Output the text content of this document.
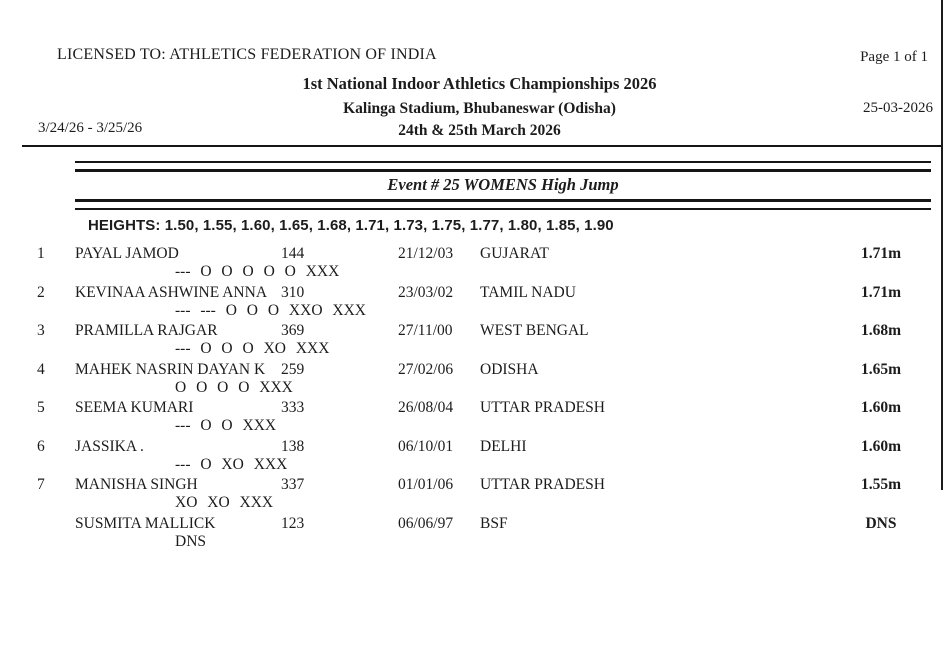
LICENSED TO: ATHLETICS FEDERATION OF INDIA	Page 1 of 1
1st National Indoor Athletics Championships 2026
Kalinga Stadium, Bhubaneswar (Odisha)	25-03-2026
3/24/26 - 3/25/26	24th & 25th March 2026
Event # 25 WOMENS High Jump
HEIGHTS: 1.50, 1.55, 1.60, 1.65, 1.68, 1.71, 1.73, 1.75, 1.77, 1.80, 1.85, 1.90
1 PAYAL JAMOD	144	21/12/03 GUJARAT	1.71m
--- O O O O O XXX
2 KEVINAA ASHWINE ANNA 310	23/03/02 TAMIL NADU	1.71m
--- --- O O O XXO XXX
3 PRAMILLA RAJGAR	369	27/11/00 WEST BENGAL	1.68m
--- O O O XO XXX
4 MAHEK NASRIN DAYAN K 259	27/02/06 ODISHA	1.65m
O O O O XXX
5 SEEMA KUMARI	333	26/08/04 UTTAR PRADESH	1.60m
--- O O XXX
6 JASSIKA .	138	06/10/01 DELHI	1.60m
--- O XO XXX
7 MANISHA SINGH	337	01/01/06 UTTAR PRADESH	1.55m
XO XO XXX
SUSMITA MALLICK	123	06/06/97 BSF	DNS
DNS
